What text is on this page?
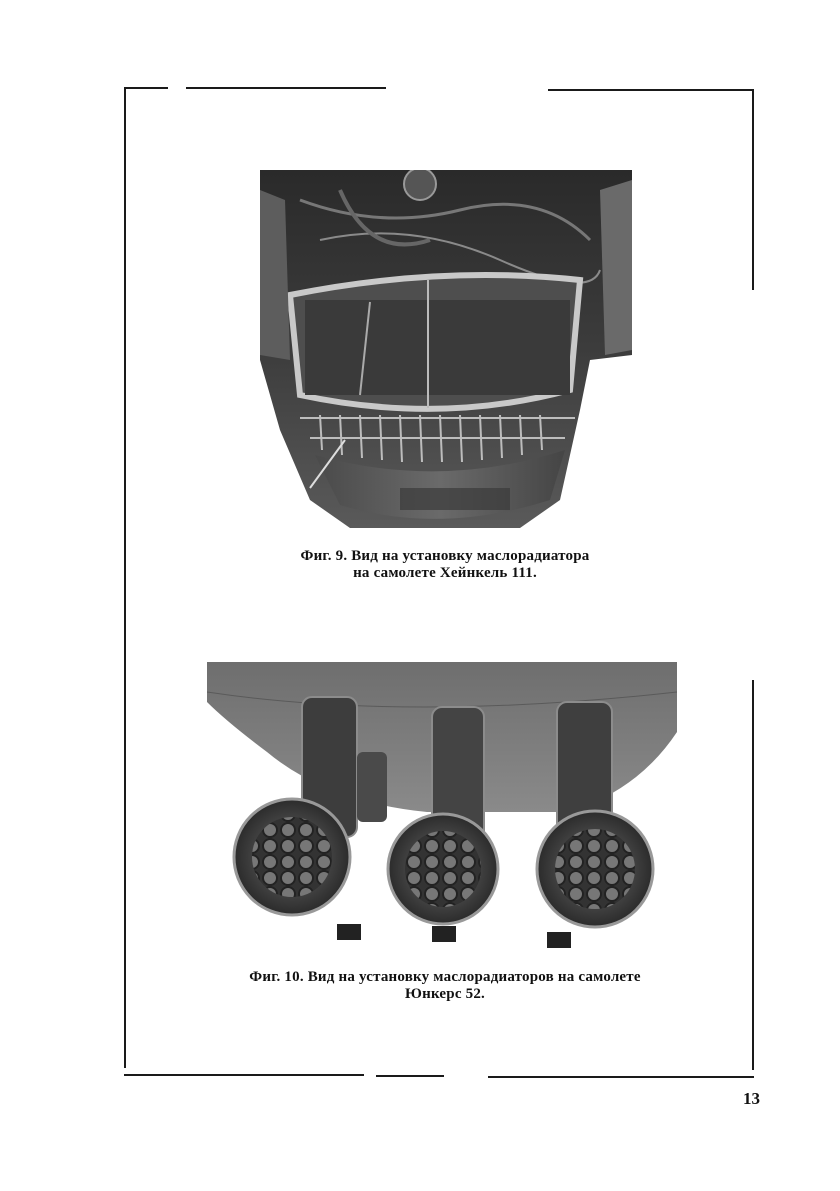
Фиг. 9. Вид на установку маслорадиатора
на самолете Хейнкель 111.
Фиг. 10. Вид на установку маслорадиаторов на самолете
Юнкерс 52.
13
